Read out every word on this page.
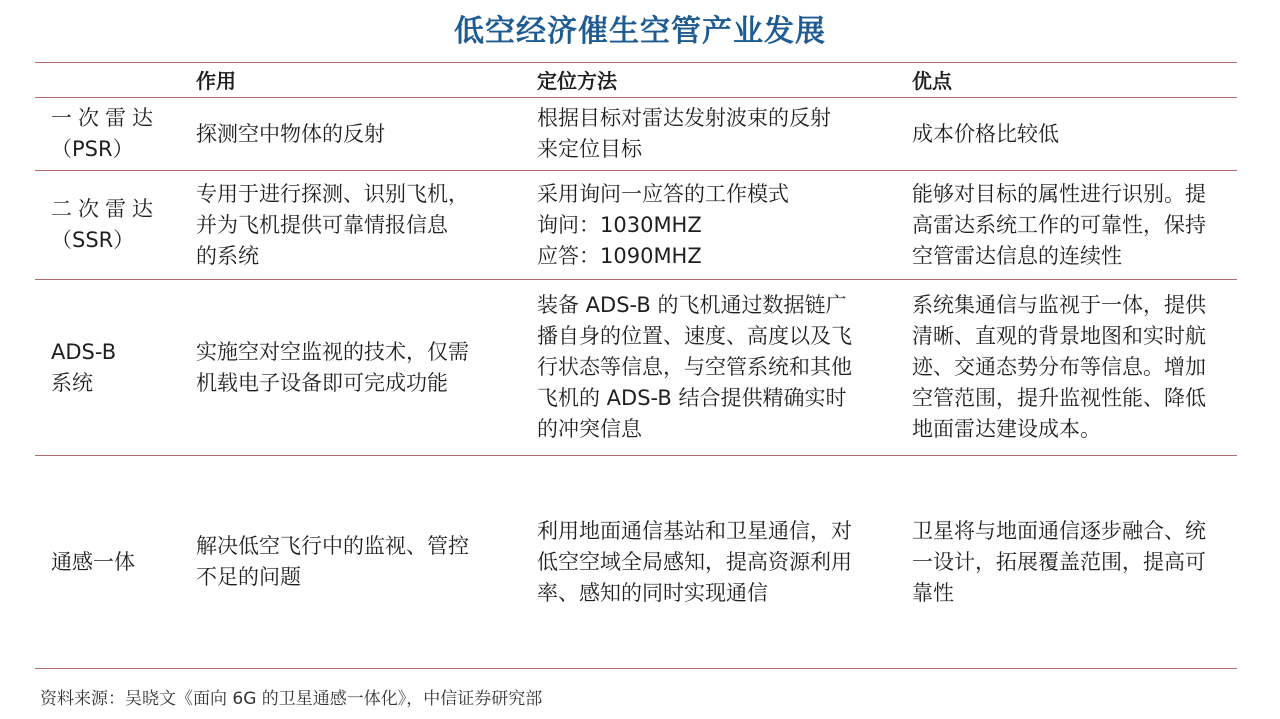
低空经济催生空管产业发展
作用	定位方法	优点
一次雷达
（PSR）
探测空中物体的反射
根据目标对雷达发射波束的反射
来定位目标
成本价格比较低
二次雷达
（SSR）
专用于进行探测、识别飞机，
并为飞机提供可靠情报信息
的系统
采用询问一应答的工作模式
询问：1030MHZ
应答：1090MHZ
能够对目标的属性进行识别。提
高雷达系统工作的可靠性，保持
空管雷达信息的连续性
ADS-B
系统
实施空对空监视的技术，仅需
机载电子设备即可完成功能
装备 ADS-B 的飞机通过数据链广
播自身的位置、速度、高度以及飞
行状态等信息，与空管系统和其他
飞机的 ADS-B 结合提供精确实时
的冲突信息
系统集通信与监视于一体，提供
清晰、直观的背景地图和实时航
迹、交通态势分布等信息。增加
空管范围，提升监视性能、降低
地面雷达建设成本。
通感一体
解决低空飞行中的监视、管控
不足的问题
利用地面通信基站和卫星通信，对
低空空域全局感知，提高资源利用
率、感知的同时实现通信
卫星将与地面通信逐步融合、统
一设计，拓展覆盖范围，提高可
靠性
资料来源：吴晓文《面向 6G 的卫星通感一体化》，中信证券研究部
